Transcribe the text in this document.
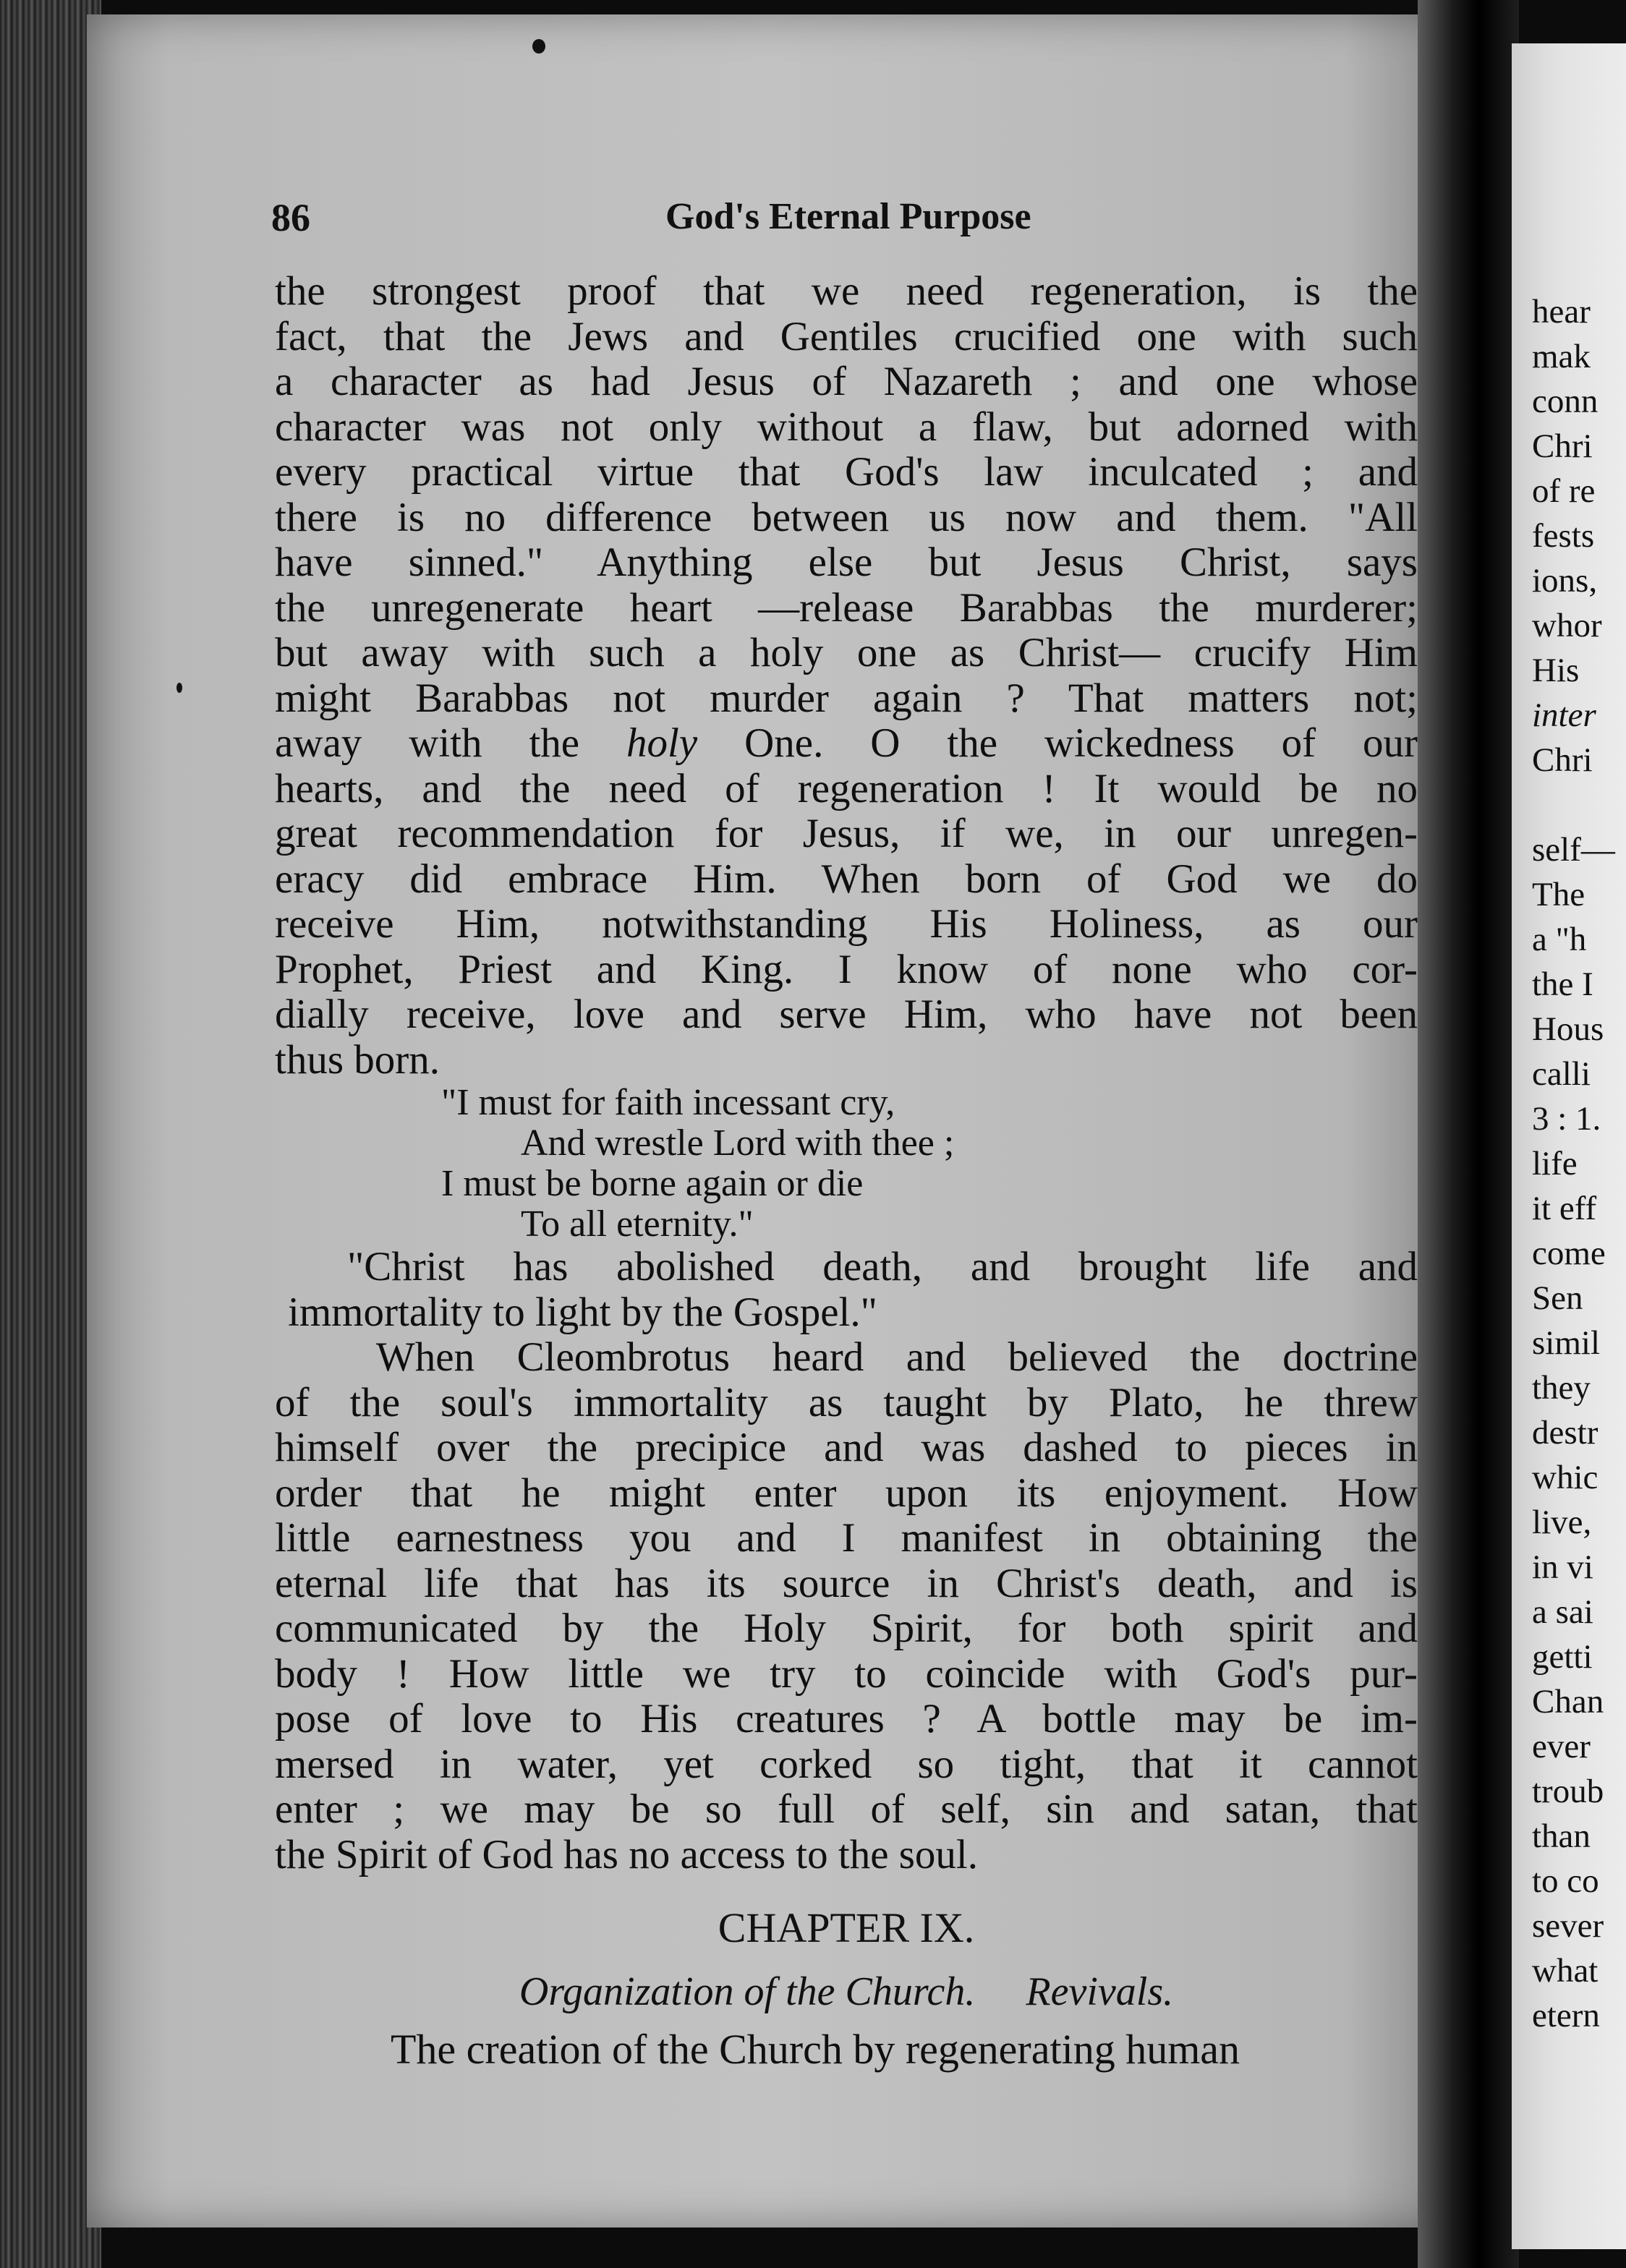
86	God's Eternal Purpose
the strongest proof that we need regeneration, is the
fact, that the Jews and Gentiles crucified one with such
a character as had Jesus of Nazareth ; and one whose
character was not only without a flaw, but adorned with
every practical virtue that God's law inculcated ; and
there is no difference between us now and them. "All
have sinned." Anything else but Jesus Christ, says
the unregenerate heart —release Barabbas the murderer;
but away with such a holy one as Christ— crucify Him
might Barabbas not murder again ? That matters not;
away with the holy One. O the wickedness of our
hearts, and the need of regeneration ! It would be no
great recommendation for Jesus, if we, in our unregen-
eracy did embrace Him. When born of God we do
receive Him, notwithstanding His Holiness, as our
Prophet, Priest and King. I know of none who cor-
dially receive, love and serve Him, who have not been
thus born.
"I must for faith incessant cry,
And wrestle Lord with thee ;
I must be borne again or die
To all eternity."
"Christ has abolished death, and brought life and
immortality to light by the Gospel."
When Cleombrotus heard and believed the doctrine
of the soul's immortality as taught by Plato, he threw
himself over the precipice and was dashed to pieces in
order that he might enter upon its enjoyment. How
little earnestness you and I manifest in obtaining the
eternal life that has its source in Christ's death, and is
communicated by the Holy Spirit, for both spirit and
body ! How little we try to coincide with God's pur-
pose of love to His creatures ? A bottle may be im-
mersed in water, yet corked so tight, that it cannot
enter ; we may be so full of self, sin and satan, that
the Spirit of God has no access to the soul.
CHAPTER IX.
Organization of the Church. Revivals.
The creation of the Church by regenerating human
hear
mak
conn
Chri
of re
fests
ions,
whor
His
inter
Chri
self—
The
a "h
the I
Hous
calli
3 : 1.
life
it eff
come
Sen
simil
they
destr
whic
live,
in vi
a sai
getti
Chan
ever
troub
than
to co
sever
what
etern
